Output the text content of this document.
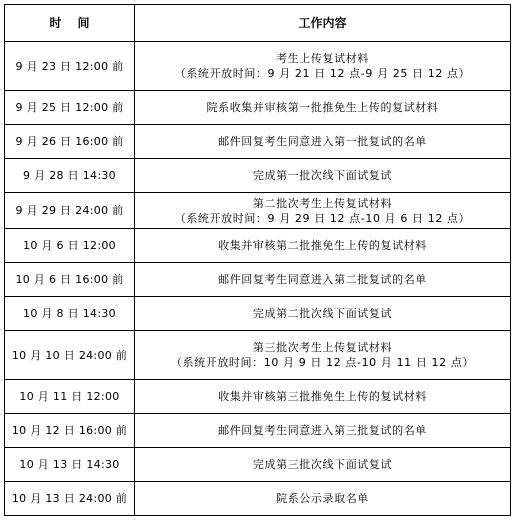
时间	工作内容
9 月 23 日 12:00 前	考生上传复试材料
（系统开放时间：9 月 21 日 12 点-9 月 25 日 12 点）

9 月 25 日 12:00 前	院系收集并审核第一批推免生上传的复试材料

9 月 26 日 16:00 前	邮件回复考生同意进入第一批复试的名单

9 月 28 日 14:30	完成第一批次线下面试复试

9 月 29 日 24:00 前	第二批次考生上传复试材料
（系统开放时间：9 月 29 日 12 点-10 月 6 日 12 点）

10 月 6 日 12:00	收集并审核第二批推免生上传的复试材料

10 月 6 日 16:00 前	邮件回复考生同意进入第二批复试的名单

10 月 8 日 14:30	完成第二批次线下面试复试

10 月 10 日 24:00 前	第三批次考生上传复试材料
（系统开放时间：10 月 9 日 12 点-10 月 11 日 12 点）

10 月 11 日 12:00	收集并审核第三批推免生上传的复试材料

10 月 12 日 16:00 前	邮件回复考生同意进入第三批复试的名单

10 月 13 日 14:30	完成第三批次线下面试复试

10 月 13 日 24:00 前	院系公示录取名单
